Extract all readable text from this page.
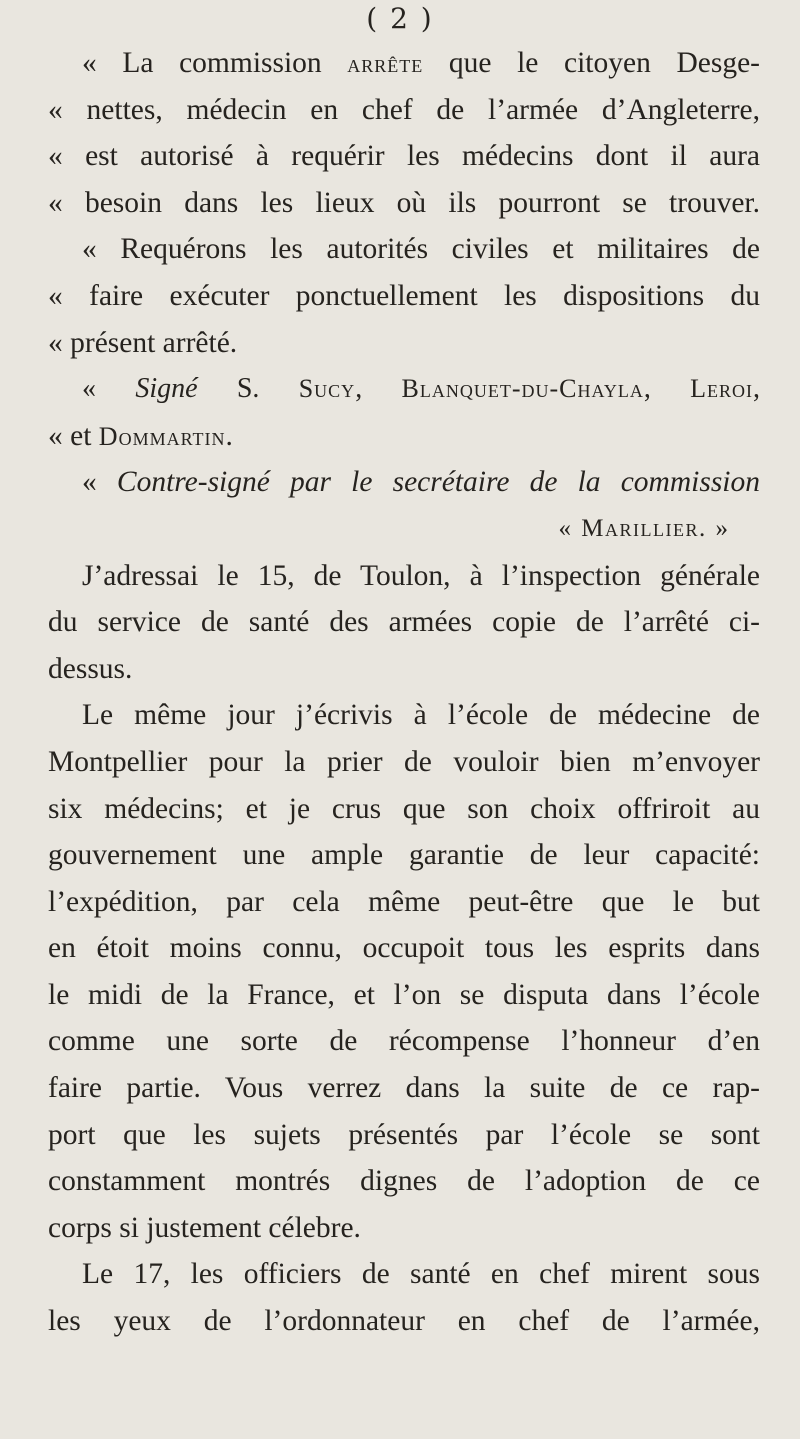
( 2 )
« La commission arrête que le citoyen Desge-
« nettes, médecin en chef de l’armée d’Angleterre,
« est autorisé à requérir les médecins dont il aura
« besoin dans les lieux où ils pourront se trouver.
« Requérons les autorités civiles et militaires de
« faire exécuter ponctuellement les dispositions du
« présent arrêté.
« Signé S. Sucy, Blanquet-du-Chayla, Leroi,
« et Dommartin.
« Contre-signé par le secrétaire de la commission
« Marillier. »
J’adressai le 15, de Toulon, à l’inspection générale
du service de santé des armées copie de l’arrêté ci-
dessus.
Le même jour j’écrivis à l’école de médecine de
Montpellier pour la prier de vouloir bien m’envoyer
six médecins; et je crus que son choix offriroit au
gouvernement une ample garantie de leur capacité:
l’expédition, par cela même peut-être que le but
en étoit moins connu, occupoit tous les esprits dans
le midi de la France, et l’on se disputa dans l’école
comme une sorte de récompense l’honneur d’en
faire partie. Vous verrez dans la suite de ce rap-
port que les sujets présentés par l’école se sont
constamment montrés dignes de l’adoption de ce
corps si justement célebre.
Le 17, les officiers de santé en chef mirent sous
les yeux de l’ordonnateur en chef de l’armée,
